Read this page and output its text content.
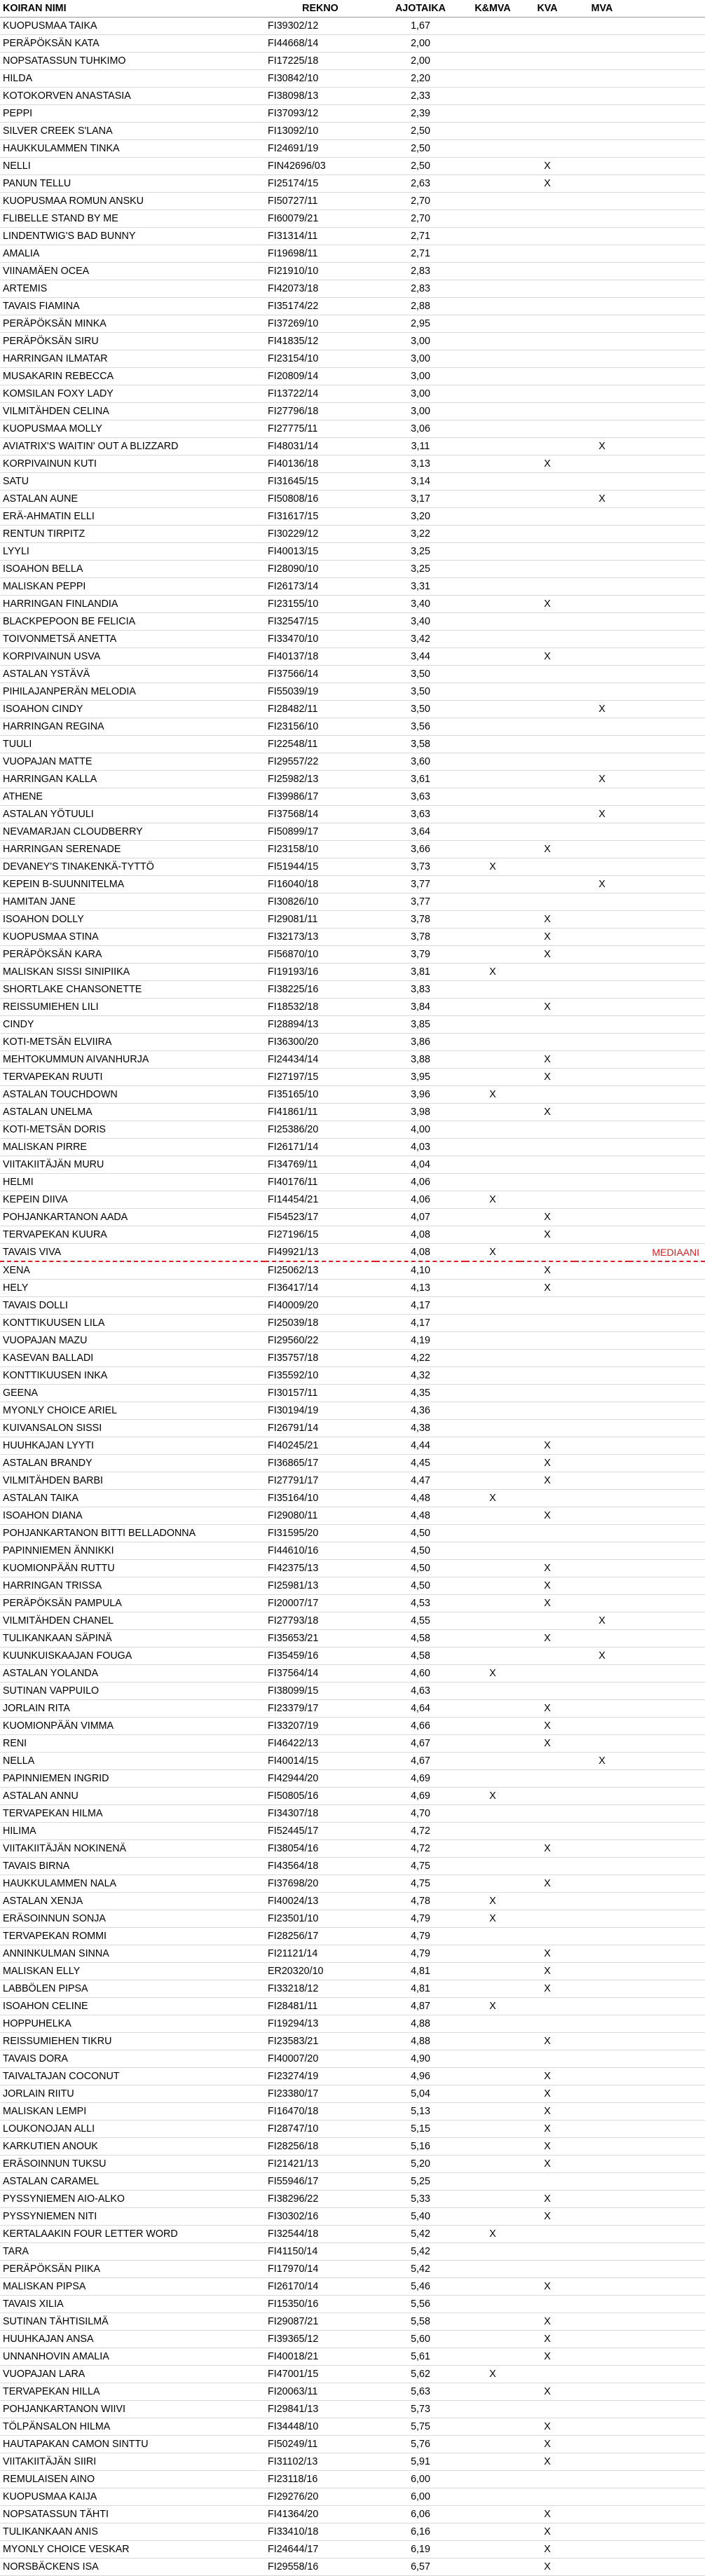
KOIRAN NIMI	REKNO	AJOTAIKA	K&MVA	KVA	MVA	
KUOPUSMAA TAIKA	FI39302/12	1,67				
PERÄPÖKSÄN KATA	FI44668/14	2,00				
NOPSATASSUN TUHKIMO	FI17225/18	2,00				
HILDA	FI30842/10	2,20				
KOTOKORVEN ANASTASIA	FI38098/13	2,33				
PEPPI	FI37093/12	2,39				
SILVER CREEK S'LANA	FI13092/10	2,50				
HAUKKULAMMEN TINKA	FI24691/19	2,50				
NELLI	FIN42696/03	2,50		X		
PANUN TELLU	FI25174/15	2,63		X		
KUOPUSMAA ROMUN ANSKU	FI50727/11	2,70				
FLIBELLE STAND BY ME	FI60079/21	2,70				
LINDENTWIG'S BAD BUNNY	FI31314/11	2,71				
AMALIA	FI19698/11	2,71				
VIINAMÄEN OCEA	FI21910/10	2,83				
ARTEMIS	FI42073/18	2,83				
TAVAIS FIAMINA	FI35174/22	2,88				
PERÄPÖKSÄN MINKA	FI37269/10	2,95				
PERÄPÖKSÄN SIRU	FI41835/12	3,00				
HARRINGAN ILMATAR	FI23154/10	3,00				
MUSAKARIN REBECCA	FI20809/14	3,00				
KOMSILAN FOXY LADY	FI13722/14	3,00				
VILMITÄHDEN CELINA	FI27796/18	3,00				
KUOPUSMAA MOLLY	FI27775/11	3,06				
AVIATRIX'S WAITIN' OUT A BLIZZARD	FI48031/14	3,11			X	
KORPIVAINUN KUTI	FI40136/18	3,13		X		
SATU	FI31645/15	3,14				
ASTALAN AUNE	FI50808/16	3,17			X	
ERÄ-AHMATIN ELLI	FI31617/15	3,20				
RENTUN TIRPITZ	FI30229/12	3,22				
LYYLI	FI40013/15	3,25				
ISOAHON BELLA	FI28090/10	3,25				
MALISKAN PEPPI	FI26173/14	3,31				
HARRINGAN FINLANDIA	FI23155/10	3,40		X		
BLACKPEPOON BE FELICIA	FI32547/15	3,40				
TOIVONMETSÄ ANETTA	FI33470/10	3,42				
KORPIVAINUN USVA	FI40137/18	3,44		X		
ASTALAN YSTÄVÄ	FI37566/14	3,50				
PIHILAJANPERÄN MELODIA	FI55039/19	3,50				
ISOAHON CINDY	FI28482/11	3,50			X	
HARRINGAN REGINA	FI23156/10	3,56				
TUULI	FI22548/11	3,58				
VUOPAJAN MATTE	FI29557/22	3,60				
HARRINGAN KALLA	FI25982/13	3,61			X	
ATHENE	FI39986/17	3,63				
ASTALAN YÖTUULI	FI37568/14	3,63			X	
NEVAMARJAN CLOUDBERRY	FI50899/17	3,64				
HARRINGAN SERENADE	FI23158/10	3,66		X		
DEVANEY'S TINAKENKÄ-TYTTÖ	FI51944/15	3,73	X			
KEPEIN B-SUUNNITELMA	FI16040/18	3,77			X	
HAMITAN JANE	FI30826/10	3,77				
ISOAHON DOLLY	FI29081/11	3,78		X		
KUOPUSMAA STINA	FI32173/13	3,78		X		
PERÄPÖKSÄN KARA	FI56870/10	3,79		X		
MALISKAN SISSI SINIPIIKA	FI19193/16	3,81	X			
SHORTLAKE CHANSONETTE	FI38225/16	3,83				
REISSUMIEHEN LILI	FI18532/18	3,84		X		
CINDY	FI28894/13	3,85				
KOTI-METSÄN ELVIIRA	FI36300/20	3,86				
MEHTOKUMMUN AIVANHURJA	FI24434/14	3,88		X		
TERVAPEKAN RUUTI	FI27197/15	3,95		X		
ASTALAN TOUCHDOWN	FI35165/10	3,96	X			
ASTALAN UNELMA	FI41861/11	3,98		X		
KOTI-METSÄN DORIS	FI25386/20	4,00				
MALISKAN PIRRE	FI26171/14	4,03				
VIITAKIITÄJÄN MURU	FI34769/11	4,04				
HELMI	FI40176/11	4,06				
KEPEIN DIIVA	FI14454/21	4,06	X			
POHJANKARTANON AADA	FI54523/17	4,07		X		
TERVAPEKAN KUURA	FI27196/15	4,08		X		
TAVAIS VIVA	FI49921/13	4,08	X			MEDIAANI
XENA	FI25062/13	4,10		X		
HELY	FI36417/14	4,13		X		
TAVAIS DOLLI	FI40009/20	4,17				
KONTTIKUUSEN LILA	FI25039/18	4,17				
VUOPAJAN MAZU	FI29560/22	4,19				
KASEVAN BALLADI	FI35757/18	4,22				
KONTTIKUUSEN INKA	FI35592/10	4,32				
GEENA	FI30157/11	4,35				
MYONLY CHOICE ARIEL	FI30194/19	4,36				
KUIVANSALON SISSI	FI26791/14	4,38				
HUUHKAJAN LYYTI	FI40245/21	4,44		X		
ASTALAN BRANDY	FI36865/17	4,45		X		
VILMITÄHDEN BARBI	FI27791/17	4,47		X		
ASTALAN TAIKA	FI35164/10	4,48	X			
ISOAHON DIANA	FI29080/11	4,48		X		
POHJANKARTANON BITTI BELLADONNA	FI31595/20	4,50				
PAPINNIEMEN ÄNNIKKI	FI44610/16	4,50				
KUOMIONPÄÄN RUTTU	FI42375/13	4,50		X		
HARRINGAN TRISSA	FI25981/13	4,50		X		
PERÄPÖKSÄN PAMPULA	FI20007/17	4,53		X		
VILMITÄHDEN CHANEL	FI27793/18	4,55			X	
TULIKANKAAN SÄPINÄ	FI35653/21	4,58		X		
KUUNKUISKAAJAN FOUGA	FI35459/16	4,58			X	
ASTALAN YOLANDA	FI37564/14	4,60	X			
SUTINAN VAPPUILO	FI38099/15	4,63				
JORLAIN RITA	FI23379/17	4,64		X		
KUOMIONPÄÄN VIMMA	FI33207/19	4,66		X		
RENI	FI46422/13	4,67		X		
NELLA	FI40014/15	4,67			X	
PAPINNIEMEN INGRID	FI42944/20	4,69				
ASTALAN ANNU	FI50805/16	4,69	X			
TERVAPEKAN HILMA	FI34307/18	4,70				
HILIMA	FI52445/17	4,72				
VIITAKIITÄJÄN NOKINENÄ	FI38054/16	4,72		X		
TAVAIS BIRNA	FI43564/18	4,75				
HAUKKULAMMEN NALA	FI37698/20	4,75		X		
ASTALAN XENJA	FI40024/13	4,78	X			
ERÄSOINNUN SONJA	FI23501/10	4,79	X			
TERVAPEKAN ROMMI	FI28256/17	4,79				
ANNINKULMAN SINNA	FI21121/14	4,79		X		
MALISKAN ELLY	ER20320/10	4,81		X		
LABBÖLEN PIPSA	FI33218/12	4,81		X		
ISOAHON CELINE	FI28481/11	4,87	X			
HOPPUHELKA	FI19294/13	4,88				
REISSUMIEHEN TIKRU	FI23583/21	4,88		X		
TAVAIS DORA	FI40007/20	4,90				
TAIVALTAJAN COCONUT	FI23274/19	4,96		X		
JORLAIN RIITU	FI23380/17	5,04		X		
MALISKAN LEMPI	FI16470/18	5,13		X		
LOUKONOJAN ALLI	FI28747/10	5,15		X		
KARKUTIEN ANOUK	FI28256/18	5,16		X		
ERÄSOINNUN TUKSU	FI21421/13	5,20		X		
ASTALAN CARAMEL	FI55946/17	5,25				
PYSSYNIEMEN AIO-ALKO	FI38296/22	5,33		X		
PYSSYNIEMEN NITI	FI30302/16	5,40		X		
KERTALAAKIN FOUR LETTER WORD	FI32544/18	5,42	X			
TARA	FI41150/14	5,42				
PERÄPÖKSÄN PIIKA	FI17970/14	5,42				
MALISKAN PIPSA	FI26170/14	5,46		X		
TAVAIS XILIA	FI15350/16	5,56				
SUTINAN TÄHTISILMÄ	FI29087/21	5,58		X		
HUUHKAJAN ANSA	FI39365/12	5,60		X		
UNNANHOVIN AMALIA	FI40018/21	5,61		X		
VUOPAJAN LARA	FI47001/15	5,62	X			
TERVAPEKAN HILLA	FI20063/11	5,63		X		
POHJANKARTANON WIIVI	FI29841/13	5,73				
TÖLPÄNSALON HILMA	FI34448/10	5,75		X		
HAUTAPAKAN CAMON SINTTU	FI50249/11	5,76		X		
VIITAKIITÄJÄN SIIRI	FI31102/13	5,91		X		
REMULAISEN AINO	FI23118/16	6,00				
KUOPUSMAA KAIJA	FI29276/20	6,00				
NOPSATASSUN TÄHTI	FI41364/20	6,06		X		
TULIKANKAAN ANIS	FI33410/18	6,16		X		
MYONLY CHOICE VESKAR	FI24644/17	6,19		X		
NORSBÄCKENS ISA	FI29558/16	6,57		X		
